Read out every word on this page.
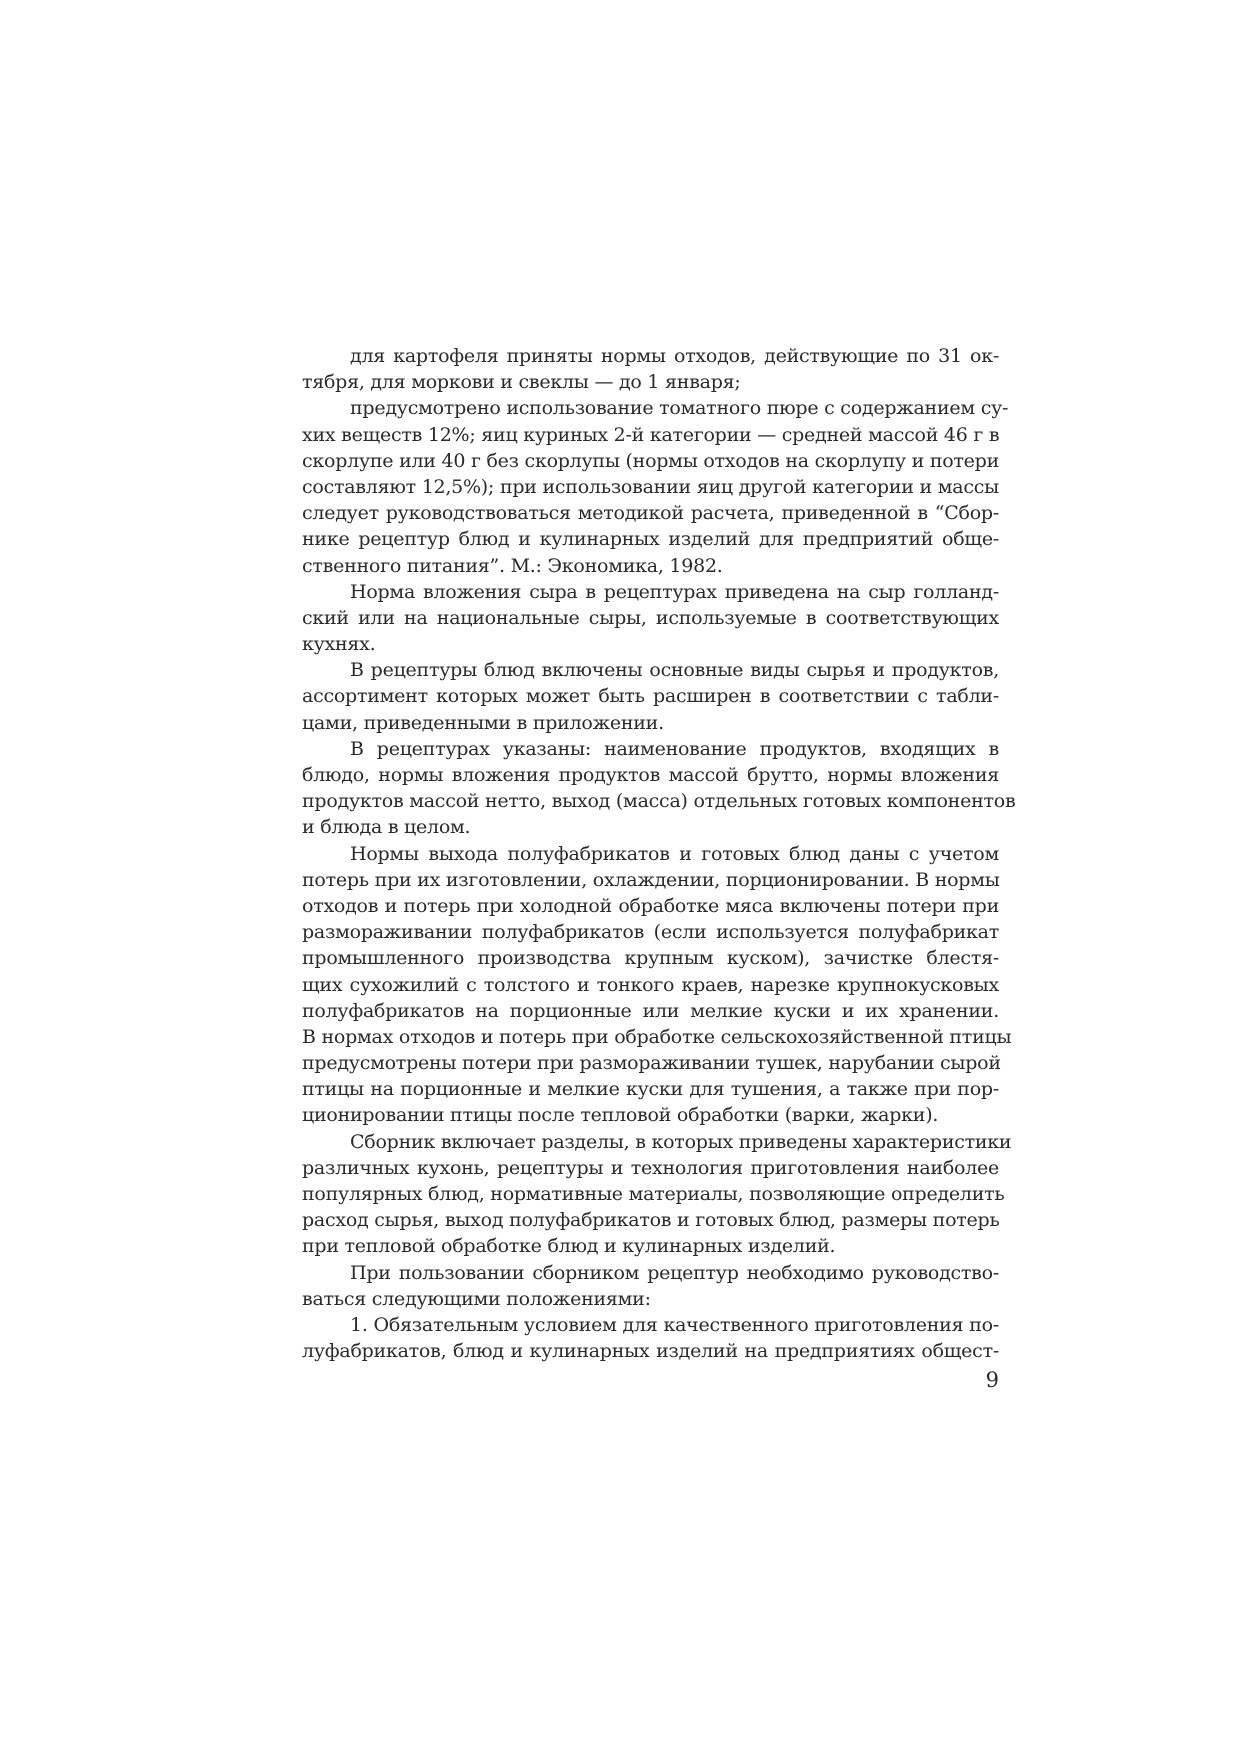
для картофеля приняты нормы отходов, действующие по 31 ок-
тября, для моркови и свеклы — до 1 января;
предусмотрено использование томатного пюре с содержанием су-
хих веществ 12%; яиц куриных 2-й категории — средней массой 46 г в
скорлупе или 40 г без скорлупы (нормы отходов на скорлупу и потери
составляют 12,5%); при использовании яиц другой категории и массы
следует руководствоваться методикой расчета, приведенной в “Сбор-
нике рецептур блюд и кулинарных изделий для предприятий обще-
ственного питания”. М.: Экономика, 1982.
Норма вложения сыра в рецептурах приведена на сыр голланд-
ский или на национальные сыры, используемые в соответствующих
кухнях.
В рецептуры блюд включены основные виды сырья и продуктов,
ассортимент которых может быть расширен в соответствии с табли-
цами, приведенными в приложении.
В рецептурах указаны: наименование продуктов, входящих в
блюдо, нормы вложения продуктов массой брутто, нормы вложения
продуктов массой нетто, выход (масса) отдельных готовых компонентов
и блюда в целом.
Нормы выхода полуфабрикатов и готовых блюд даны с учетом
потерь при их изготовлении, охлаждении, порционировании. В нормы
отходов и потерь при холодной обработке мяса включены потери при
размораживании полуфабрикатов (если используется полуфабрикат
промышленного производства крупным куском), зачистке блестя-
щих сухожилий с толстого и тонкого краев, нарезке крупнокусковых
полуфабрикатов на порционные или мелкие куски и их хранении.
В нормах отходов и потерь при обработке сельскохозяйственной птицы
предусмотрены потери при размораживании тушек, нарубании сырой
птицы на порционные и мелкие куски для тушения, а также при пор-
ционировании птицы после тепловой обработки (варки, жарки).
Сборник включает разделы, в которых приведены характеристики
различных кухонь, рецептуры и технология приготовления наиболее
популярных блюд, нормативные материалы, позволяющие определить
расход сырья, выход полуфабрикатов и готовых блюд, размеры потерь
при тепловой обработке блюд и кулинарных изделий.
При пользовании сборником рецептур необходимо руководство-
ваться следующими положениями:
1. Обязательным условием для качественного приготовления по-
луфабрикатов, блюд и кулинарных изделий на предприятиях общест-
9
